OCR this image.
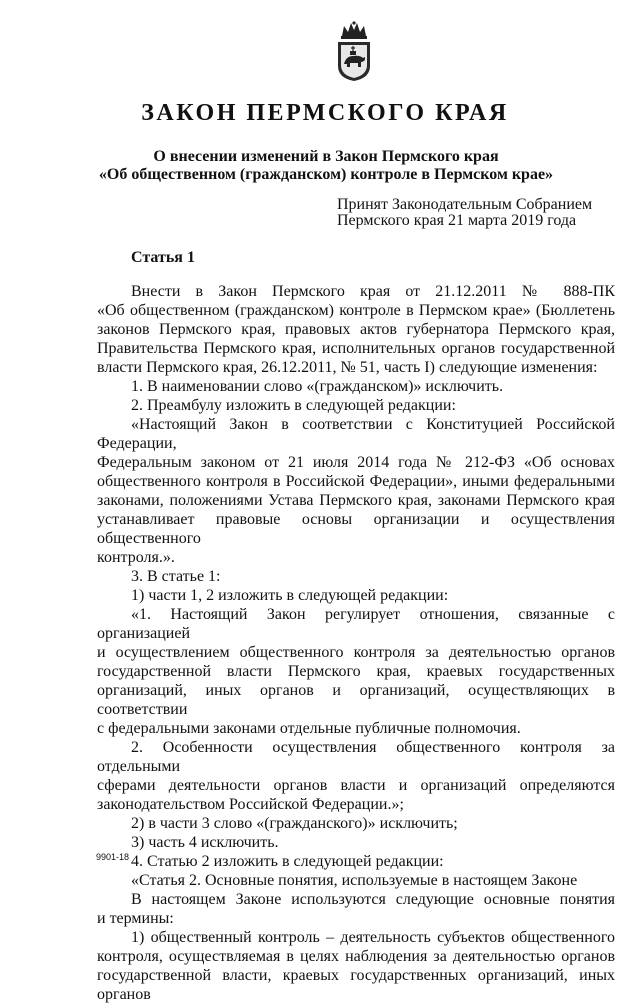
ЗАКОН ПЕРМСКОГО КРАЯ
О внесении изменений в Закон Пермского края
«Об общественном (гражданском) контроле в Пермском крае»
Принят Законодательным Собранием
Пермского края 21 марта 2019 года
Статья 1

Внести в Закон Пермского края от 21.12.2011 № 888-ПК

«Об общественном (гражданском) контроле в Пермском крае» (Бюллетень

законов Пермского края, правовых актов губернатора Пермского края,

Правительства Пермского края, исполнительных органов государственной

власти Пермского края, 26.12.2011, № 51, часть I) следующие изменения:

1. В наименовании слово «(гражданском)» исключить.

2. Преамбулу изложить в следующей редакции:

«Настоящий Закон в соответствии с Конституцией Российской Федерации,

Федеральным законом от 21 июля 2014 года № 212-ФЗ «Об основах

общественного контроля в Российской Федерации», иными федеральными

законами, положениями Устава Пермского края, законами Пермского края

устанавливает правовые основы организации и осуществления общественного

контроля.».

3. В статье 1:

1) части 1, 2 изложить в следующей редакции:

«1. Настоящий Закон регулирует отношения, связанные с организацией

и осуществлением общественного контроля за деятельностью органов

государственной власти Пермского края, краевых государственных

организаций, иных органов и организаций, осуществляющих в соответствии

с федеральными законами отдельные публичные полномочия.

2. Особенности осуществления общественного контроля за отдельными

сферами деятельности органов власти и организаций определяются

законодательством Российской Федерации.»;

2) в части 3 слово «(гражданского)» исключить;

3) часть 4 исключить.

4. Статью 2 изложить в следующей редакции:

«Статья 2. Основные понятия, используемые в настоящем Законе

В настоящем Законе используются следующие основные понятия

и термины:

1) общественный контроль – деятельность субъектов общественного

контроля, осуществляемая в целях наблюдения за деятельностью органов

государственной власти, краевых государственных организаций, иных органов

9901-18
